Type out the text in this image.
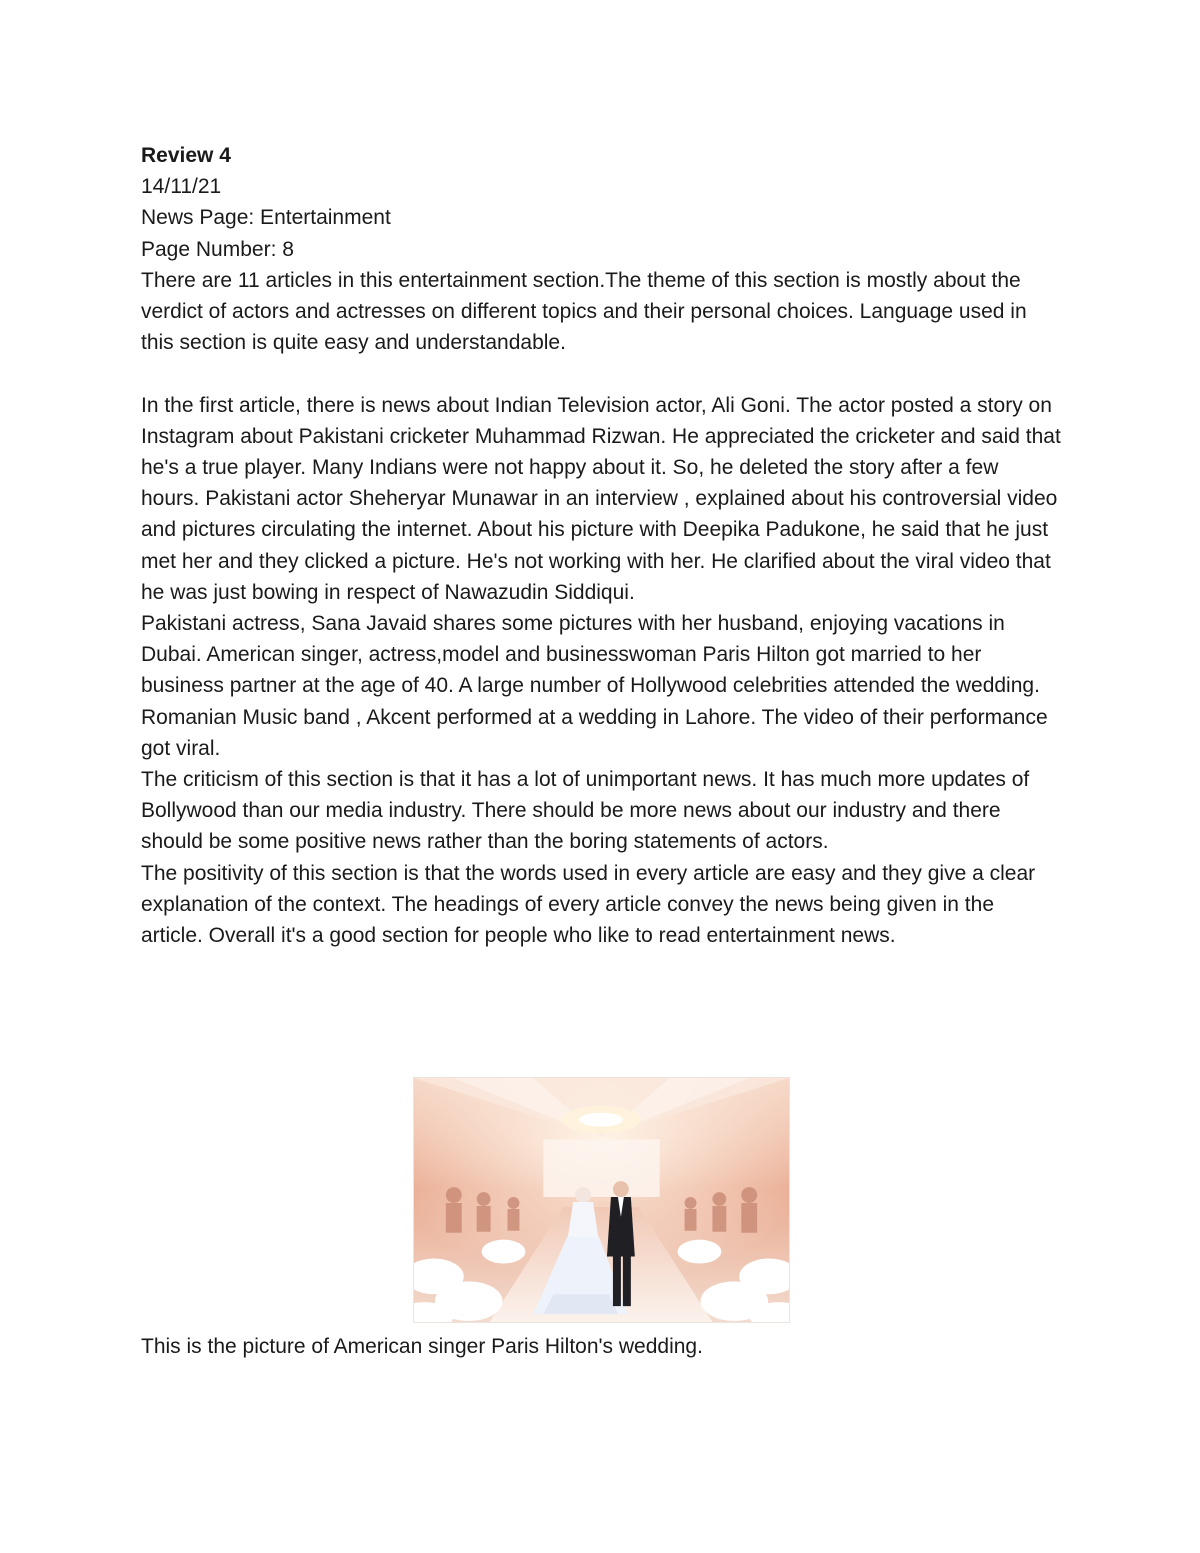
Review 4

14/11/21

News Page: Entertainment

Page Number: 8

There are 11 articles in this entertainment section.The theme of this section is mostly about the verdict of actors and actresses on different topics and their personal choices. Language used in this section is quite easy and understandable.

In the first article, there is news about Indian Television actor, Ali Goni. The actor posted a story on Instagram about Pakistani cricketer Muhammad Rizwan. He appreciated the cricketer and said that he's a true player. Many Indians were not happy about it. So, he deleted the story after a few hours. Pakistani actor Sheheryar Munawar in an interview , explained about his controversial video and pictures circulating the internet. About his picture with Deepika Padukone, he said that he just met her and they clicked a picture. He's not working with her. He clarified about the viral video that he was just bowing in respect of Nawazudin Siddiqui.

Pakistani actress, Sana Javaid shares some pictures with her husband, enjoying vacations in Dubai. American singer, actress,model and businesswoman Paris Hilton got married to her business partner at the age of 40. A large number of Hollywood celebrities attended the wedding. Romanian Music band , Akcent performed at a wedding in Lahore. The video of their performance got viral.

The criticism of this section is that it has a lot of unimportant news. It has much more updates of Bollywood than our media industry. There should be more news about our industry and there should be some positive news rather than the boring statements of actors.

The positivity of this section is that the words used in every article are easy and they give a clear explanation of the context. The headings of every article convey the news being given in the article. Overall it's a good section for people who like to read entertainment news.

This is the picture of American singer Paris Hilton's wedding.
